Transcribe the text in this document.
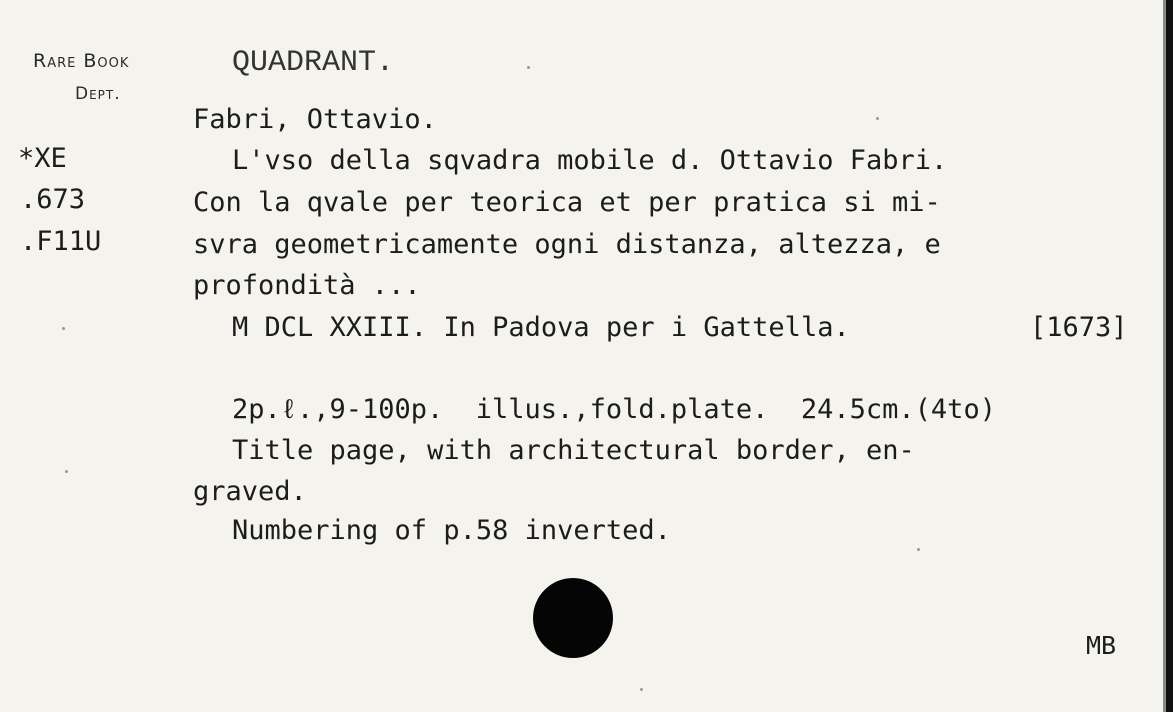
Rare Book
Dept.
QUADRANT.
*XE
.673
.F11U
Fabri, Ottavio.
L'vso della sqvadra mobile d. Ottavio Fabri.
Con la qvale per teorica et per pratica si mi-
svra geometricamente ogni distanza, altezza, e
profondità ...
M DCL XXIII. In Padova per i Gattella.	[1673]
2p.ℓ.,9-100p.  illus.,fold.plate.  24.5cm.(4to)
Title page, with architectural border, en-
graved.
Numbering of p.58 inverted.
MB
